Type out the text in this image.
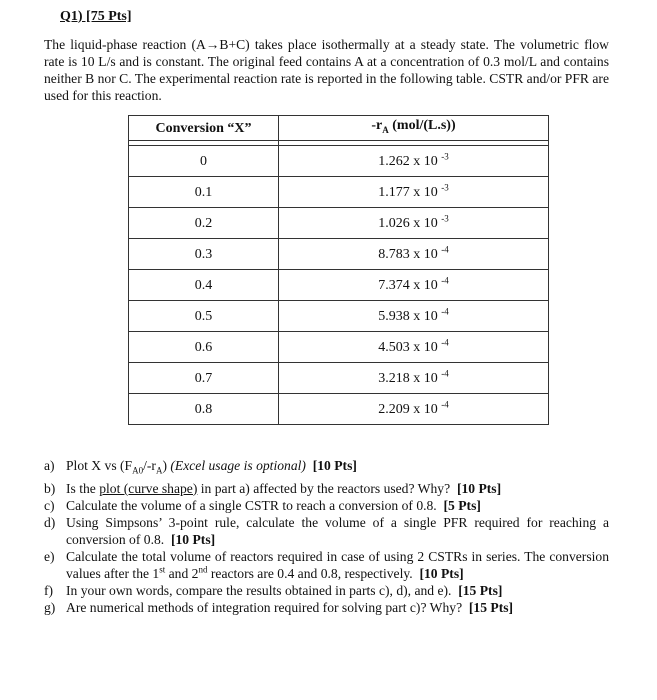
Q1) [75 Pts]
The liquid-phase reaction (A→B+C) takes place isothermally at a steady state. The volumetric flow rate is 10 L/s and is constant. The original feed contains A at a concentration of 0.3 mol/L and contains neither B nor C. The experimental reaction rate is reported in the following table. CSTR and/or PFR are used for this reaction.
Conversion “X”	$-r_A$ (mol/(L.s))

0	1.262 x 10 $^{-3}$
0.1	1.177 x 10 $^{-3}$
0.2	1.026 x 10 $^{-3}$
0.3	8.783 x 10 $^{-4}$
0.4	7.374 x 10 $^{-4}$
0.5	5.938 x 10 $^{-4}$
0.6	4.503 x 10 $^{-4}$
0.7	3.218 x 10 $^{-4}$
0.8	2.209 x 10 $^{-4}$
a) Plot X vs $(F_{A0}/-r_A)$ (Excel usage is optional) [10 Pts]
b) Is the plot (curve shape) in part a) affected by the reactors used? Why? [10 Pts]
c) Calculate the volume of a single CSTR to reach a conversion of 0.8. [5 Pts]
d) Using Simpsons’ 3-point rule, calculate the volume of a single PFR required for reaching a conversion of 0.8. [10 Pts]
e) Calculate the total volume of reactors required in case of using 2 CSTRs in series. The conversion values after the 1st and 2nd reactors are 0.4 and 0.8, respectively. [10 Pts]
f) In your own words, compare the results obtained in parts c), d), and e). [15 Pts]
g) Are numerical methods of integration required for solving part c)? Why? [15 Pts]
